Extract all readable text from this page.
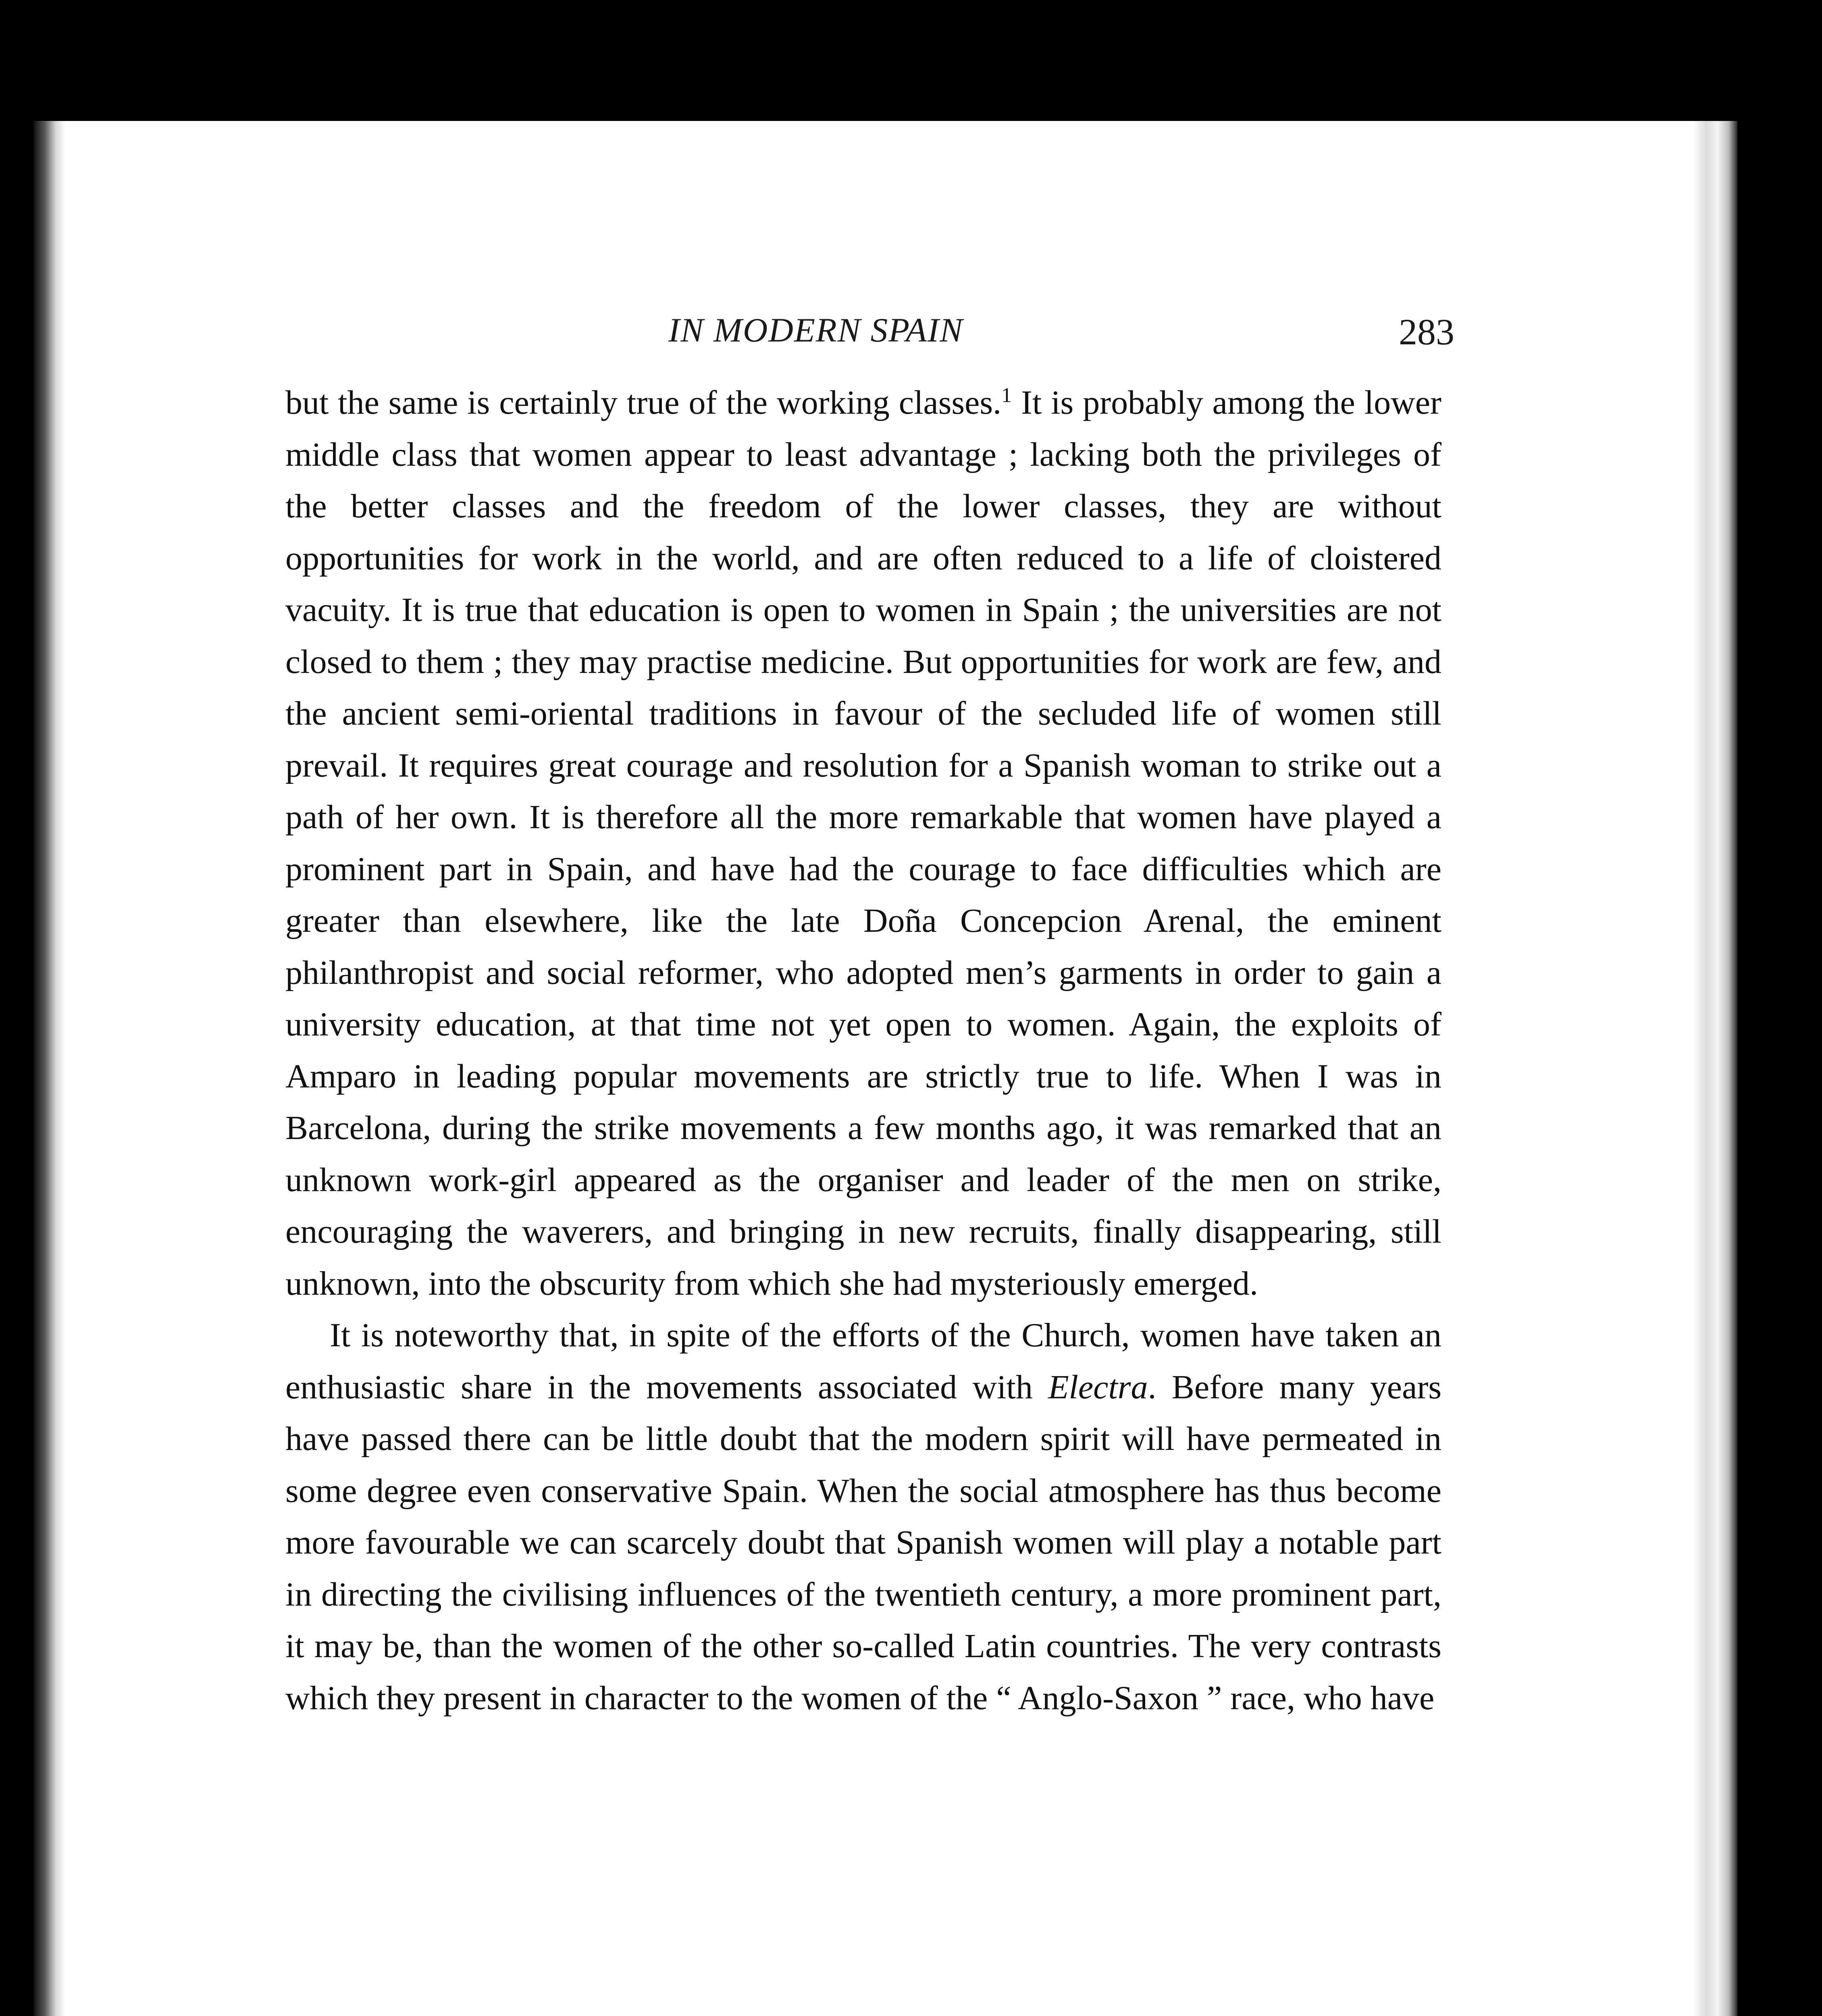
IN MODERN SPAIN	283

but the same is certainly true of the working classes.$^1$ It is probably among the lower middle class that women appear to least advantage ; lacking both the privileges of the better classes and the freedom of the lower classes, they are without opportunities for work in the world, and are often reduced to a life of cloistered vacuity. It is true that education is open to women in Spain ; the universities are not closed to them ; they may practise medicine. But opportunities for work are few, and the ancient semi-oriental traditions in favour of the secluded life of women still prevail. It requires great courage and resolution for a Spanish woman to strike out a path of her own. It is therefore all the more remarkable that women have played a prominent part in Spain, and have had the courage to face difficulties which are greater than elsewhere, like the late Doña Concepcion Arenal, the eminent philanthropist and social reformer, who adopted men’s garments in order to gain a university education, at that time not yet open to women. Again, the exploits of Amparo in leading popular movements are strictly true to life. When I was in Barcelona, during the strike movements a few months ago, it was remarked that an unknown work-girl appeared as the organiser and leader of the men on strike, encouraging the waverers, and bringing in new recruits, finally disappearing, still unknown, into the obscurity from which she had mysteriously emerged.

It is noteworthy that, in spite of the efforts of the Church, women have taken an enthusiastic share in the movements associated with Electra. Before many years have passed there can be little doubt that the modern spirit will have permeated in some degree even conservative Spain. When the social atmosphere has thus become more favourable we can scarcely doubt that Spanish women will play a notable part in directing the civilising influences of the twentieth century, a more prominent part, it may be, than the women of the other so-called Latin countries. The very contrasts which they present in character to the women of the “ Anglo-Saxon ” race, who have
